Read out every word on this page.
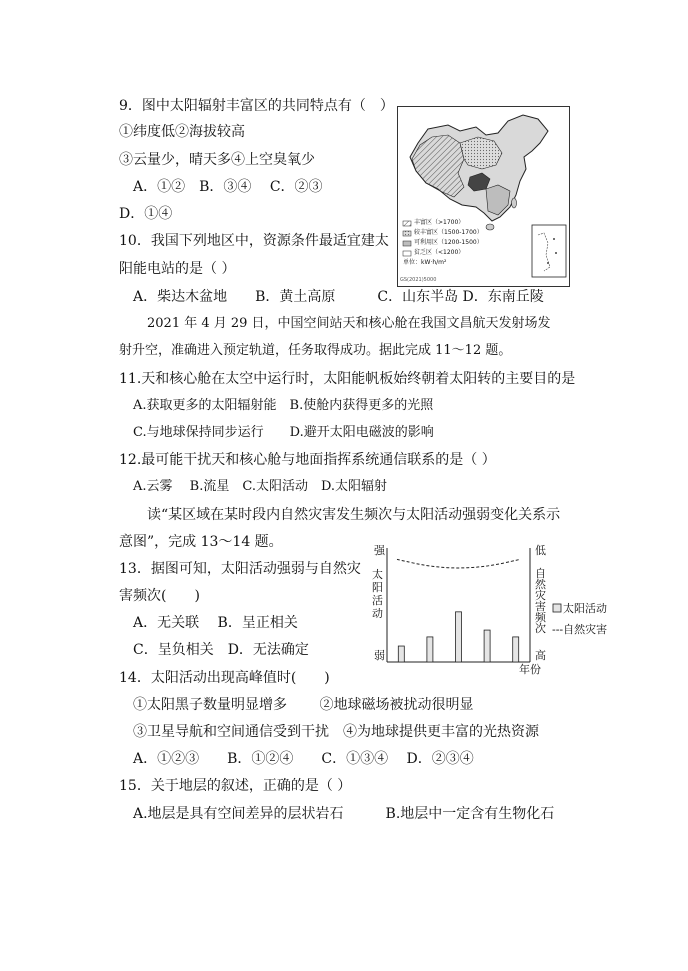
9．图中太阳辐射丰富区的共同特点有（　）
①纬度低②海拔较高
③云量少，晴天多④上空臭氧少
A．①②　B．③④　 C．②③
D．①④
丰富区（>1700）
较丰富区（1500-1700）
可利用区（1200-1500）
贫乏区（<1200）
单位：kW·h/m²
GS(2021)5000
10．我国下列地区中，资源条件最适宜建太
阳能电站的是（ ）
A．柴达木盆地　　B．黄土高原　　　C．山东半岛 D．东南丘陵
2021 年 4 月 29 日，中国空间站天和核心舱在我国文昌航天发射场发
射升空，准确进入预定轨道，任务取得成功。据此完成 11～12 题。
11.天和核心舱在太空中运行时，太阳能帆板始终朝着太阳转的主要目的是
A.获取更多的太阳辐射能　B.使舱内获得更多的光照
C.与地球保持同步运行　　D.避开太阳电磁波的影响
12.最可能干扰天和核心舱与地面指挥系统通信联系的是（ ）
A.云雾　 B.流星　C.太阳活动　D.太阳辐射
读“某区域在某时段内自然灾害发生频次与太阳活动强弱变化关系示
意图”，完成 13～14 题。
13．据图可知，太阳活动强弱与自然灾
害频次(　　)
A．无关联　 B．呈正相关
C．呈负相关　D．无法确定
强
太阳活动
弱
低
自然灾害频次
高
年份
太阳活动
---自然灾害
14．太阳活动出现高峰值时(　　)
①太阳黑子数量明显增多　　 ②地球磁场被扰动很明显
③卫星导航和空间通信受到干扰　④为地球提供更丰富的光热资源
A．①②③　　B．①②④　　C．①③④　 D．②③④
15．关于地层的叙述，正确的是（ ）
A.地层是具有空间差异的层状岩石　　　B.地层中一定含有生物化石
